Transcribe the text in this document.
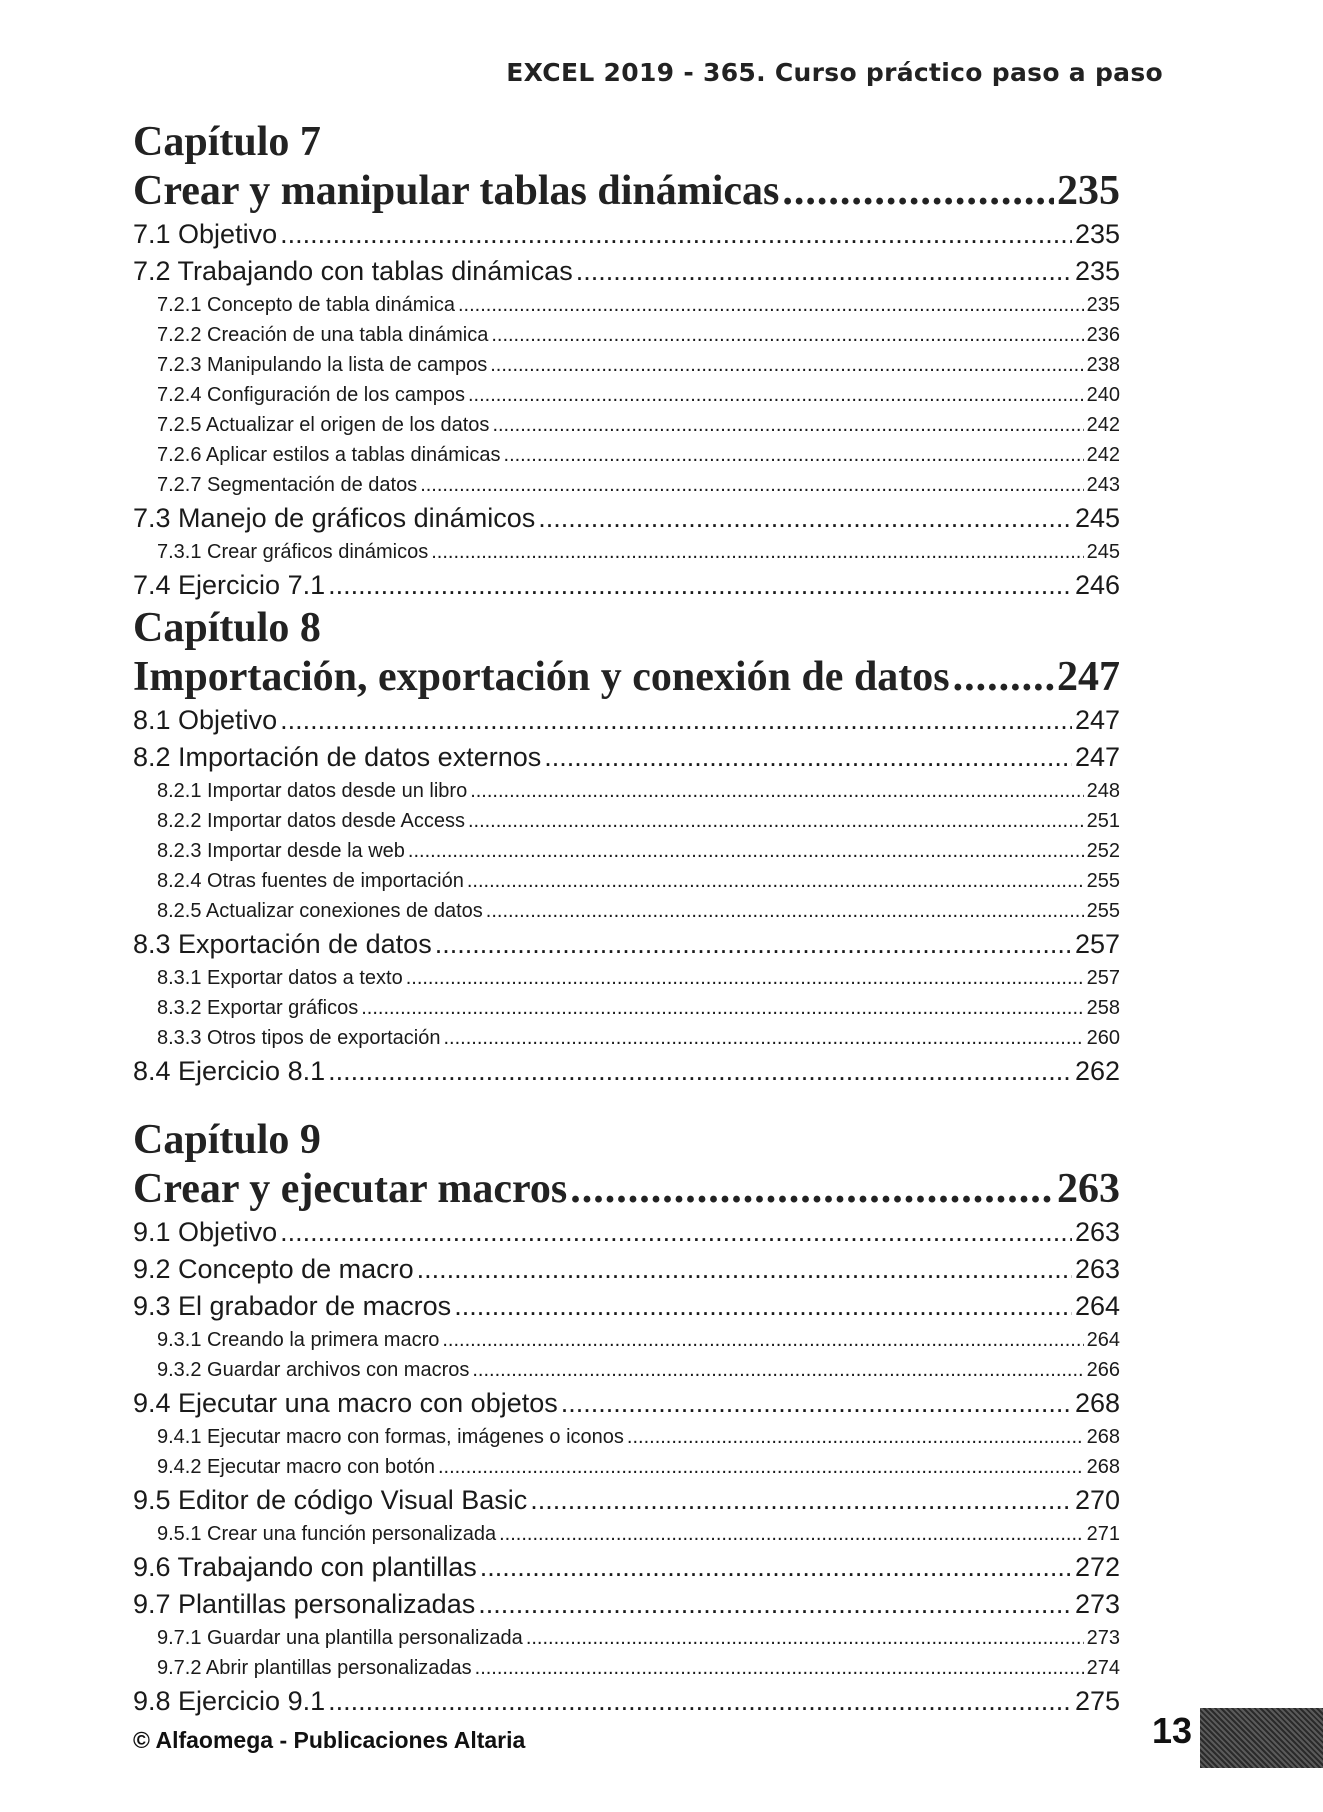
EXCEL 2019 - 365. Curso práctico paso a paso
Capítulo 7
Crear y manipular tablas dinámicas .....	235
7.1 Objetivo .....	235
7.2 Trabajando con tablas dinámicas .....	235
7.2.1 Concepto de tabla dinámica .....	235
7.2.2 Creación de una tabla dinámica .....	236
7.2.3 Manipulando la lista de campos .....	238
7.2.4 Configuración de los campos .....	240
7.2.5 Actualizar el origen de los datos .....	242
7.2.6 Aplicar estilos a tablas dinámicas .....	242
7.2.7 Segmentación de datos .....	243
7.3 Manejo de gráficos dinámicos .....	245
7.3.1 Crear gráficos dinámicos .....	245
7.4 Ejercicio 7.1 .....	246
Capítulo 8
Importación, exportación y conexión de datos .....	247
8.1 Objetivo .....	247
8.2 Importación de datos externos .....	247
8.2.1 Importar datos desde un libro .....	248
8.2.2 Importar datos desde Access .....	251
8.2.3 Importar desde la web .....	252
8.2.4 Otras fuentes de importación .....	255
8.2.5 Actualizar conexiones de datos .....	255
8.3 Exportación de datos .....	257
8.3.1 Exportar datos a texto .....	257
8.3.2 Exportar gráficos .....	258
8.3.3 Otros tipos de exportación .....	260
8.4 Ejercicio 8.1 .....	262
Capítulo 9
Crear y ejecutar macros .....	263
9.1 Objetivo .....	263
9.2 Concepto de macro .....	263
9.3 El grabador de macros .....	264
9.3.1 Creando la primera macro .....	264
9.3.2 Guardar archivos con macros .....	266
9.4 Ejecutar una macro con objetos .....	268
9.4.1 Ejecutar macro con formas, imágenes o iconos .....	268
9.4.2 Ejecutar macro con botón .....	268
9.5 Editor de código Visual Basic .....	270
9.5.1 Crear una función personalizada .....	271
9.6 Trabajando con plantillas .....	272
9.7 Plantillas personalizadas .....	273
9.7.1 Guardar una plantilla personalizada .....	273
9.7.2 Abrir plantillas personalizadas .....	274
9.8 Ejercicio 9.1 .....	275
© Alfaomega - Publicaciones Altaria	13
